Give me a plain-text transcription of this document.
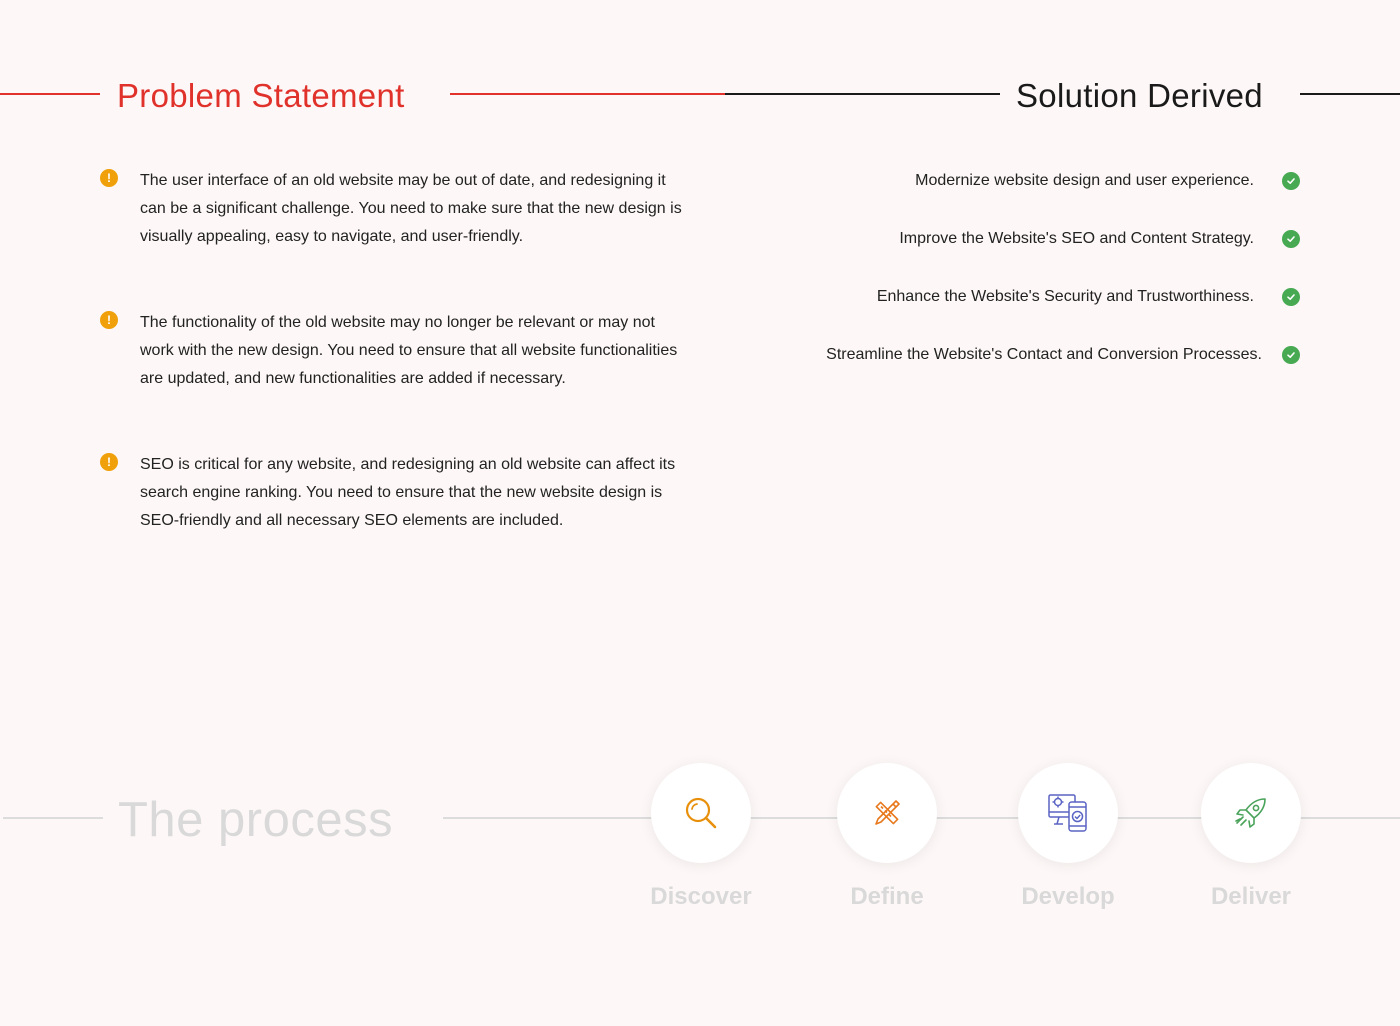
Problem Statement	Solution Derived
!	The user interface of an old website may be out of date, and redesigning it can be a significant challenge. You need to make sure that the new design is visually appealing, easy to navigate, and user-friendly.

!	The functionality of the old website may no longer be relevant or may not work with the new design. You need to ensure that all website functionalities are updated, and new functionalities are added if necessary.

!	SEO is critical for any website, and redesigning an old website can affect its search engine ranking. You need to ensure that the new website design is SEO-friendly and all necessary SEO elements are included.

Modernize website design and user experience.
Improve the Website's SEO and Content Strategy.
Enhance the Website's Security and Trustworthiness.
Streamline the Website's Contact and Conversion Processes.
The process
Discover	Define	Develop	Deliver
